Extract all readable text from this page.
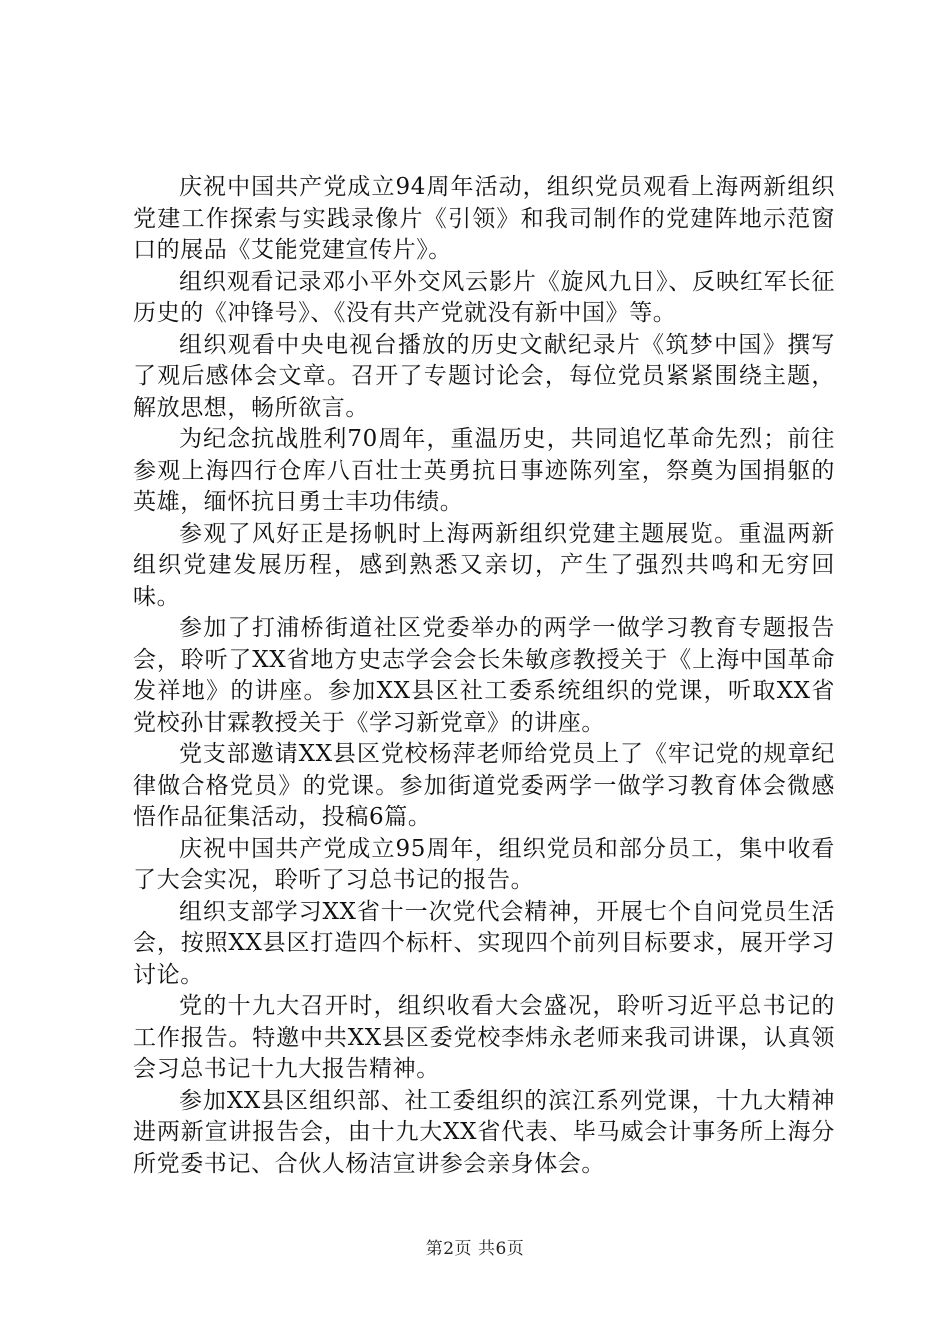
庆祝中国共产党成立94周年活动，组织党员观看上海两新组织党建工作探索与实践录像片《引领》和我司制作的党建阵地示范窗口的展品《艾能党建宣传片》。

组织观看记录邓小平外交风云影片《旋风九日》、反映红军长征历史的《冲锋号》、《没有共产党就没有新中国》等。

组织观看中央电视台播放的历史文献纪录片《筑梦中国》撰写了观后感体会文章。召开了专题讨论会，每位党员紧紧围绕主题，解放思想，畅所欲言。

为纪念抗战胜利70周年，重温历史，共同追忆革命先烈；前往参观上海四行仓库八百壮士英勇抗日事迹陈列室，祭奠为国捐躯的英雄，缅怀抗日勇士丰功伟绩。

参观了风好正是扬帆时上海两新组织党建主题展览。重温两新组织党建发展历程，感到熟悉又亲切，产生了强烈共鸣和无穷回味。

参加了打浦桥街道社区党委举办的两学一做学习教育专题报告会，聆听了XX省地方史志学会会长朱敏彦教授关于《上海中国革命发祥地》的讲座。参加XX县区社工委系统组织的党课，听取XX省党校孙甘霖教授关于《学习新党章》的讲座。

党支部邀请XX县区党校杨萍老师给党员上了《牢记党的规章纪律做合格党员》的党课。参加街道党委两学一做学习教育体会微感悟作品征集活动，投稿6篇。

庆祝中国共产党成立95周年，组织党员和部分员工，集中收看了大会实况，聆听了习总书记的报告。

组织支部学习XX省十一次党代会精神，开展七个自问党员生活会，按照XX县区打造四个标杆、实现四个前列目标要求，展开学习讨论。

党的十九大召开时，组织收看大会盛况，聆听习近平总书记的工作报告。特邀中共XX县区委党校李炜永老师来我司讲课，认真领会习总书记十九大报告精神。

参加XX县区组织部、社工委组织的滨江系列党课，十九大精神进两新宣讲报告会，由十九大XX省代表、毕马威会计事务所上海分所党委书记、合伙人杨洁宣讲参会亲身体会。

第2页 共6页
